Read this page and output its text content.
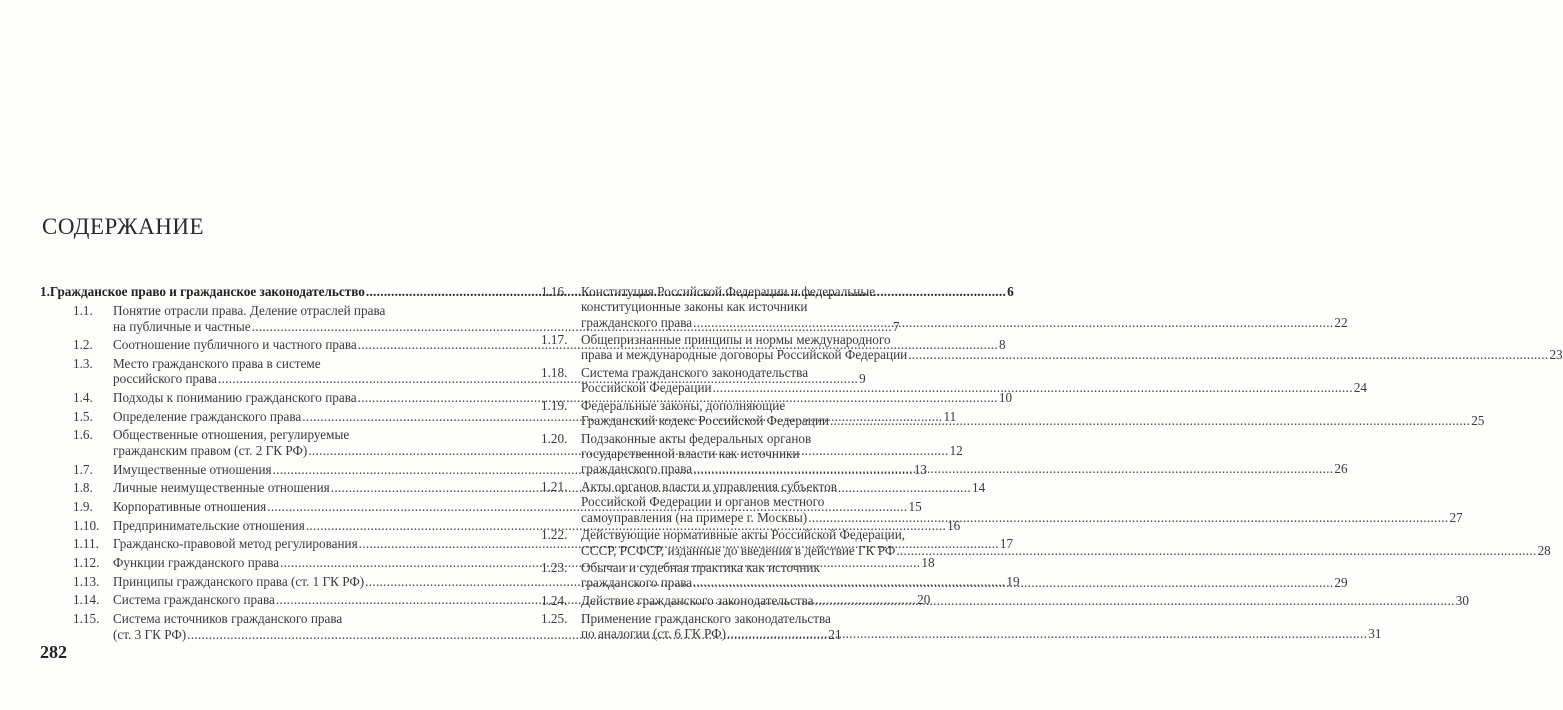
СОДЕРЖАНИЕ
1. Гражданское право и гражданское законодательство .....	6
1.1.	Понятие отрасли права. Деление отраслей права
на публичные и частные .....	7
1.2.	Соотношение публичного и частного права .....	8
1.3.	Место гражданского права в системе
российского права .....	9
1.4.	Подходы к пониманию гражданского права .....	10
1.5.	Определение гражданского права .....	11
1.6.	Общественные отношения, регулируемые
гражданским правом (ст. 2 ГК РФ) .....	12
1.7.	Имущественные отношения .....	13
1.8.	Личные неимущественные отношения .....	14
1.9.	Корпоративные отношения .....	15
1.10.	Предпринимательские отношения .....	16
1.11.	Гражданско-правовой метод регулирования .....	17
1.12.	Функции гражданского права .....	18
1.13.	Принципы гражданского права (ст. 1 ГК РФ) .....	19
1.14.	Система гражданского права .....	20
1.15.	Система источников гражданского права
(ст. 3 ГК РФ) .....	21
1.16.	Конституция Российской Федерации и федеральные
конституционные законы как источники
гражданского права .....	22
1.17.	Общепризнанные принципы и нормы международного
права и международные договоры Российской Федерации .....	23
1.18.	Система гражданского законодательства
Российской Федерации .....	24
1.19.	Федеральные законы, дополняющие
Гражданский кодекс Российской Федерации .....	25
1.20.	Подзаконные акты федеральных органов
государственной власти как источники
гражданского права .....	26
1.21.	Акты органов власти и управления субъектов
Российской Федерации и органов местного
самоуправления (на примере г. Москвы) .....	27
1.22.	Действующие нормативные акты Российской Федерации,
СССР, РСФСР, изданные до введения в действие ГК РФ .....	28
1.23.	Обычаи и судебная практика как источник
гражданского права .....	29
1.24.	Действие гражданского законодательства .....	30
1.25.	Применение гражданского законодательства
по аналогии (ст. 6 ГК РФ) .....	31
282
